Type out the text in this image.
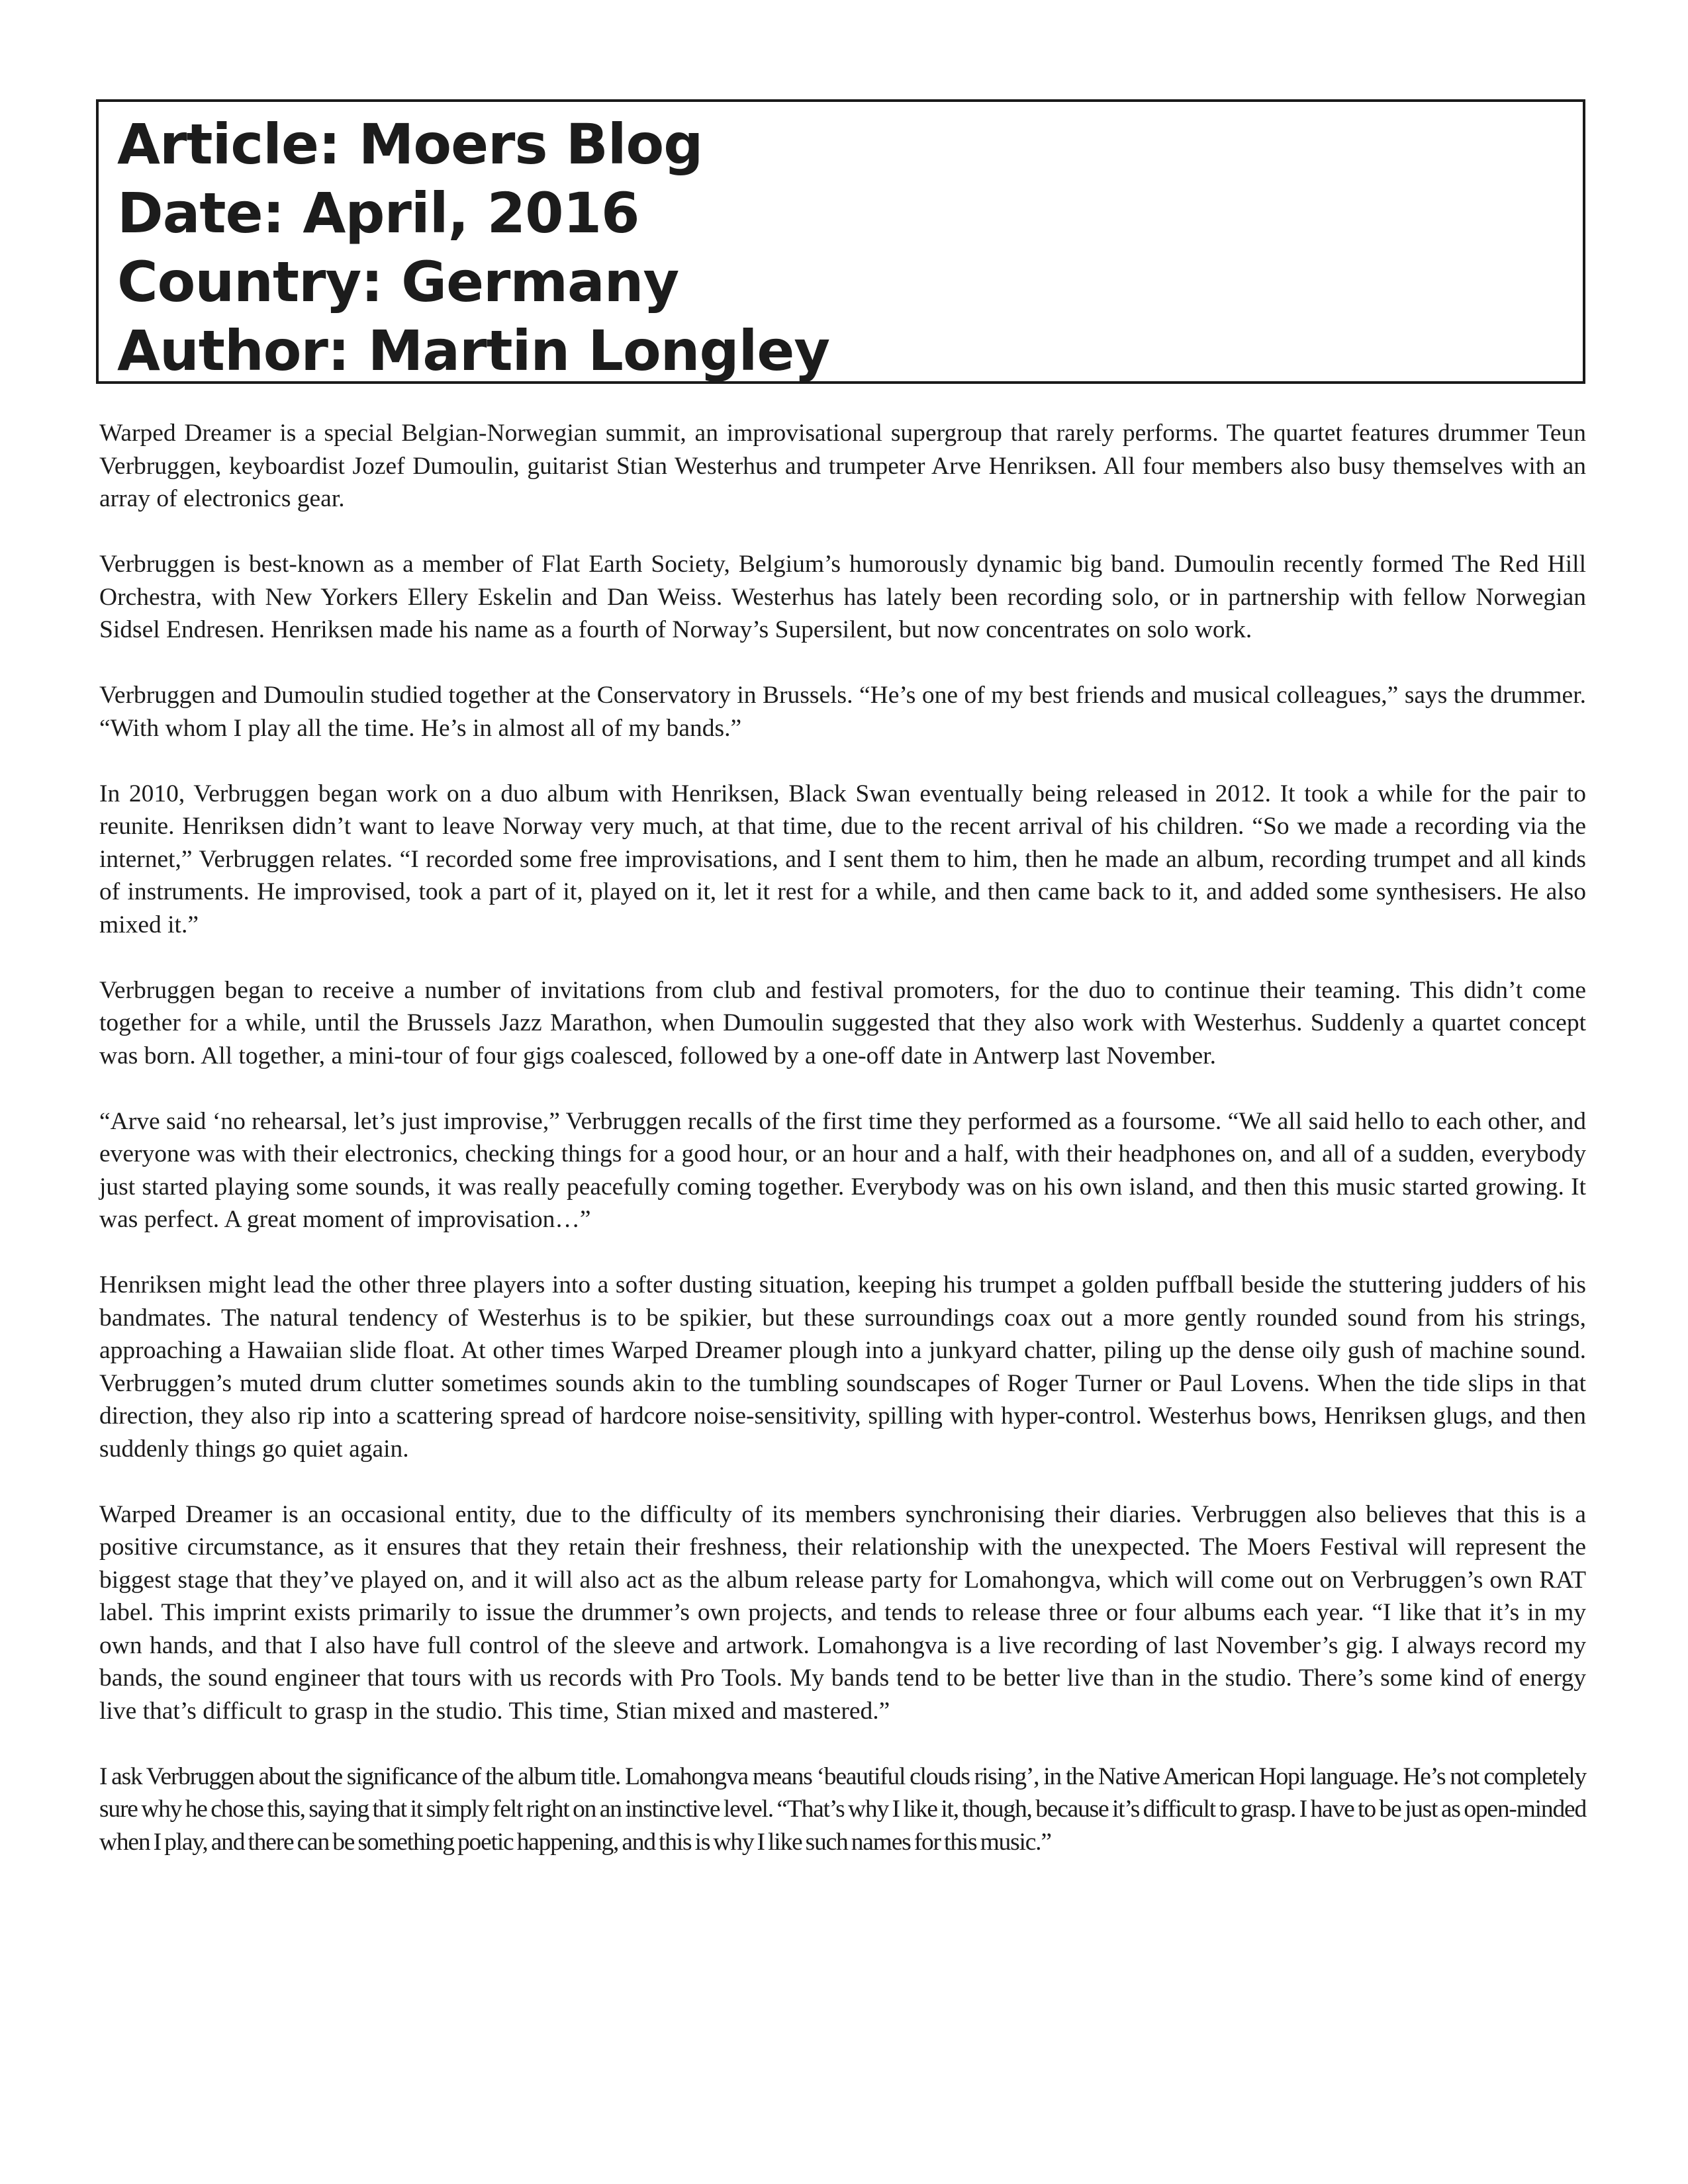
Article: Moers Blog
Date: April, 2016
Country: Germany
Author: Martin Longley

Warped Dreamer is a special Belgian-Norwegian summit, an improvisational supergroup that rarely performs. The quartet features drummer Teun Verbruggen, keyboardist Jozef Dumoulin, guitarist Stian Westerhus and trumpeter Arve Henriksen. All four members also busy themselves with an array of electronics gear.

Verbruggen is best-known as a member of Flat Earth Society, Belgium’s humorously dynamic big band. Dumoulin recently formed The Red Hill Orchestra, with New Yorkers Ellery Eskelin and Dan Weiss. Westerhus has lately been recording solo, or in partnership with fellow Norwegian Sidsel Endresen. Henriksen made his name as a fourth of Norway’s Supersilent, but now concentrates on solo work.

Verbruggen and Dumoulin studied together at the Conservatory in Brussels. “He’s one of my best friends and musical colleagues,” says the drummer. “With whom I play all the time. He’s in almost all of my bands.”

In 2010, Verbruggen began work on a duo album with Henriksen, Black Swan eventually being released in 2012. It took a while for the pair to reunite. Henriksen didn’t want to leave Norway very much, at that time, due to the recent arrival of his children. “So we made a recording via the internet,” Verbruggen relates. “I recorded some free improvisations, and I sent them to him, then he made an album, recording trumpet and all kinds of instruments. He improvised, took a part of it, played on it, let it rest for a while, and then came back to it, and added some synthesisers. He also mixed it.”

Verbruggen began to receive a number of invitations from club and festival promoters, for the duo to continue their teaming. This didn’t come together for a while, until the Brussels Jazz Marathon, when Dumoulin suggested that they also work with Westerhus. Suddenly a quartet concept was born. All together, a mini-tour of four gigs coalesced, followed by a one-off date in Antwerp last November.

“Arve said ‘no rehearsal, let’s just improvise,” Verbruggen recalls of the first time they performed as a foursome. “We all said hello to each other, and everyone was with their electronics, checking things for a good hour, or an hour and a half, with their headphones on, and all of a sudden, everybody just started playing some sounds, it was really peacefully coming together. Everybody was on his own island, and then this music started growing. It was perfect. A great moment of improvisation…”

Henriksen might lead the other three players into a softer dusting situation, keeping his trumpet a golden puffball beside the stuttering judders of his bandmates. The natural tendency of Westerhus is to be spikier, but these surroundings coax out a more gently rounded sound from his strings, approaching a Hawaiian slide float. At other times Warped Dreamer plough into a junkyard chatter, piling up the dense oily gush of machine sound. Verbruggen’s muted drum clutter sometimes sounds akin to the tumbling soundscapes of Roger Turner or Paul Lovens. When the tide slips in that direction, they also rip into a scattering spread of hardcore noise-sensitivity, spilling with hyper-control. Westerhus bows, Henriksen glugs, and then suddenly things go quiet again.

Warped Dreamer is an occasional entity, due to the difficulty of its members synchronising their diaries. Verbruggen also believes that this is a positive circumstance, as it ensures that they retain their freshness, their relationship with the unexpected. The Moers Festival will represent the biggest stage that they’ve played on, and it will also act as the album release party for Lomahongva, which will come out on Verbruggen’s own RAT label. This imprint exists primarily to issue the drummer’s own projects, and tends to release three or four albums each year. “I like that it’s in my own hands, and that I also have full control of the sleeve and artwork. Lomahongva is a live recording of last November’s gig. I always record my bands, the sound engineer that tours with us records with Pro Tools. My bands tend to be better live than in the studio. There’s some kind of energy live that’s difficult to grasp in the studio. This time, Stian mixed and mastered.”

I ask Verbruggen about the significance of the album title. Lomahongva means ‘beautiful clouds rising’, in the Native American Hopi language. He’s not completely sure why he chose this, saying that it simply felt right on an instinctive level. “That’s why I like it, though, because it’s difficult to grasp. I have to be just as open-minded when I play, and there can be something poetic happening, and this is why I like such names for this music.”
